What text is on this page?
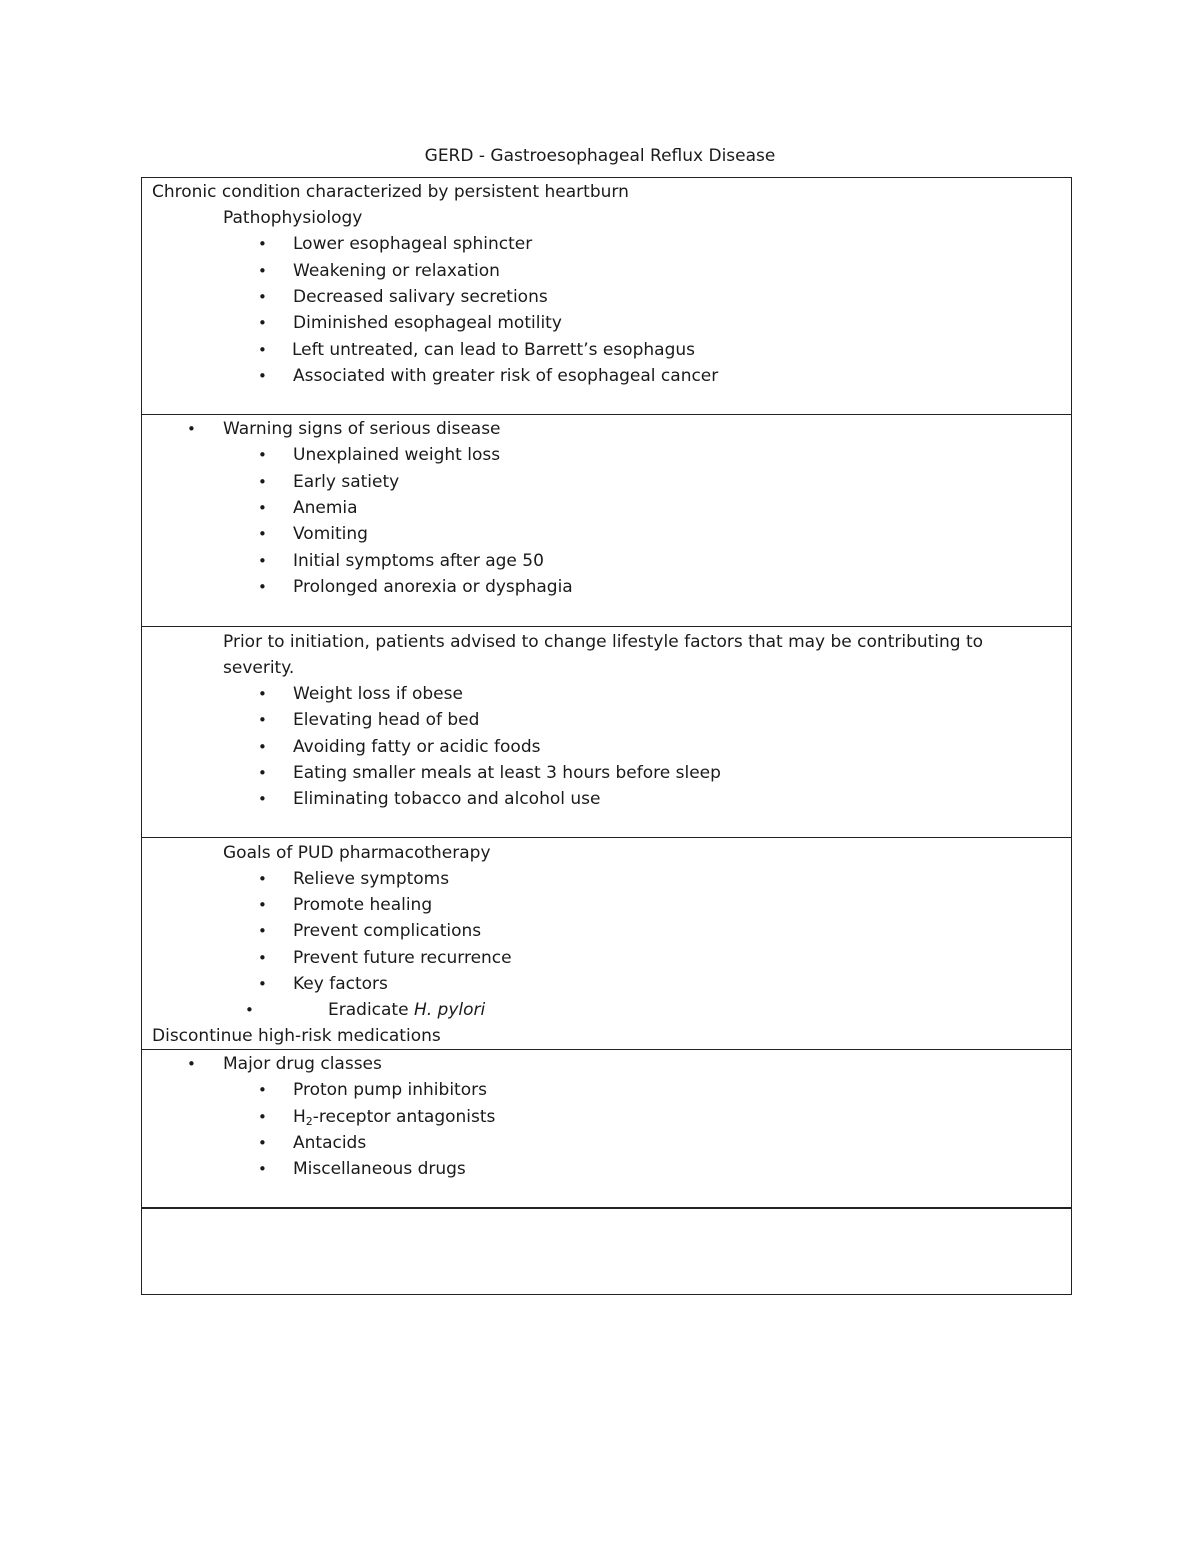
GERD - Gastroesophageal Reflux Disease
Chronic condition characterized by persistent heartburn
Pathophysiology
• Lower esophageal sphincter
• Weakening or relaxation
• Decreased salivary secretions
• Diminished esophageal motility
• Left untreated, can lead to Barrett’s esophagus
• Associated with greater risk of esophageal cancer
• Warning signs of serious disease
• Unexplained weight loss
• Early satiety
• Anemia
• Vomiting
• Initial symptoms after age 50
• Prolonged anorexia or dysphagia
Prior to initiation, patients advised to change lifestyle factors that may be contributing to
severity.
• Weight loss if obese
• Elevating head of bed
• Avoiding fatty or acidic foods
• Eating smaller meals at least 3 hours before sleep
• Eliminating tobacco and alcohol use
Goals of PUD pharmacotherapy
• Relieve symptoms
• Promote healing
• Prevent complications
• Prevent future recurrence
• Key factors
•	Eradicate H. pylori
Discontinue high-risk medications
• Major drug classes
• Proton pump inhibitors
• $H_2$-receptor antagonists
• Antacids
• Miscellaneous drugs
